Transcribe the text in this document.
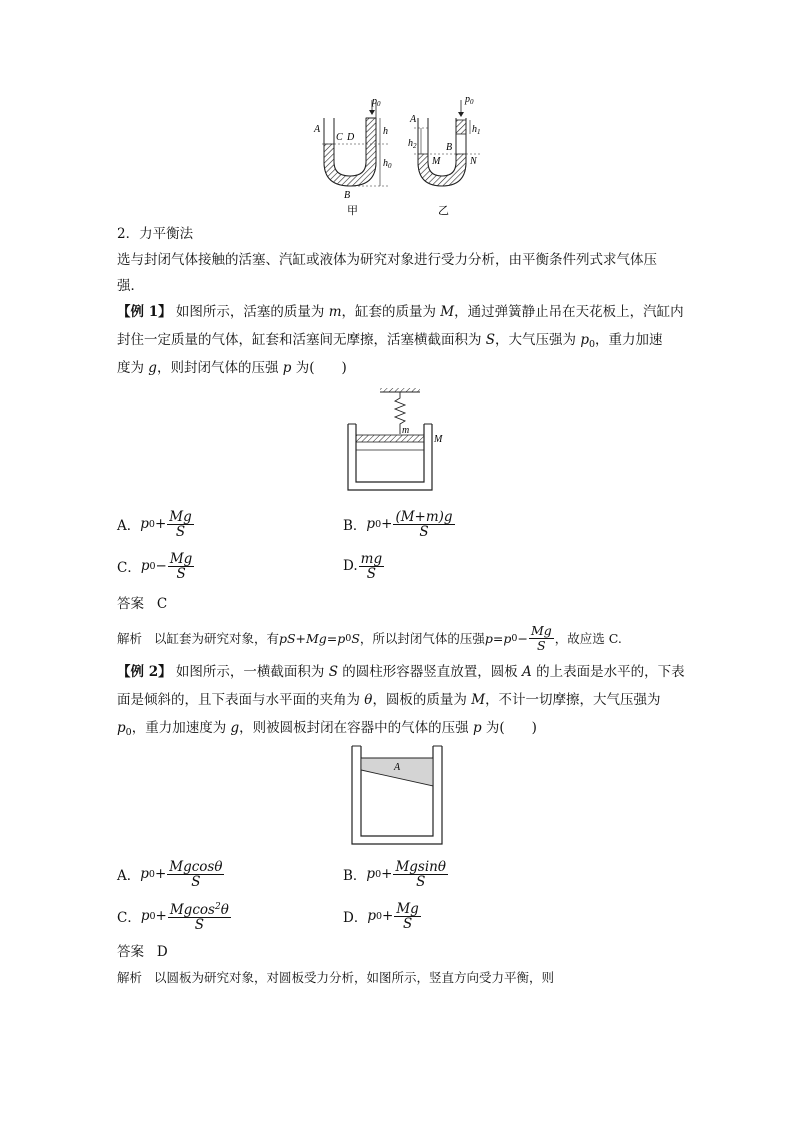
$p_0$
A
C D
h
$h_0$
B
甲
$p_0$
A
$h_1$
$h_2$	B
M	N
乙
2．力平衡法
选与封闭气体接触的活塞、汽缸或液体为研究对象进行受力分析，由平衡条件列式求气体压
强．
【例 1】 如图所示，活塞的质量为 m，缸套的质量为 M，通过弹簧静止吊在天花板上，汽缸内
封住一定质量的气体，缸套和活塞间无摩擦，活塞横截面积为 S，大气压强为 $p_0$，重力加速
度为 g，则封闭气体的压强 p 为(　　)
m
M
A． p $0 + \frac{Mg}{S}$	B． p $0 + \frac{(M+m)g}{S}$
C． p $0 - \frac{Mg}{S}$	D. $\frac{mg}{S}$
答案 C
解析
以缸套为研究对象，有 pS+Mg=p 0 S ，所以封闭气体的压强 p=p $0 - \frac{Mg}{S}$ ，故应选 C.
【例 2】 如图所示，一横截面积为 S 的圆柱形容器竖直放置，圆板 A 的上表面是水平的，下表
面是倾斜的，且下表面与水平面的夹角为 θ，圆板的质量为 M，不计一切摩擦，大气压强为
$p_0$，重力加速度为 g，则被圆板封闭在容器中的气体的压强 p 为(　　)
A
A． p $0 + \frac{Mgcos\theta}{S}$	B． p $0 + \frac{Mgsin\theta}{S}$
C． p $0 + \frac{Mgcos^2\theta}{S}$	D． p $0 + \frac{Mg}{S}$
答案 D
解析 以圆板为研究对象，对圆板受力分析，如图所示，竖直方向受力平衡，则
